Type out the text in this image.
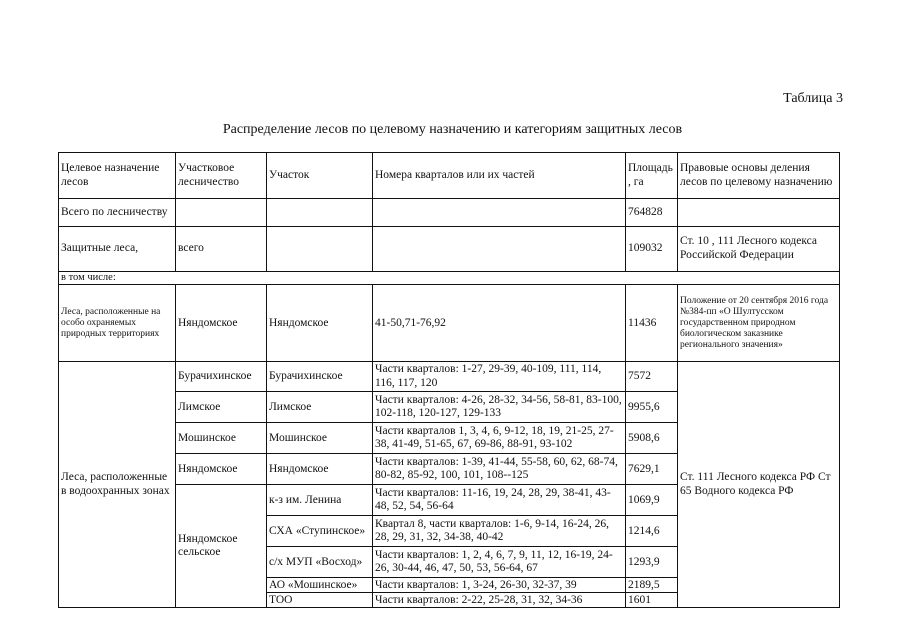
Таблица 3
Распределение лесов по целевому назначению и категориям защитных лесов
Целевое назначение лесов	Участковое лесничество	Участок	Номера кварталов или их частей	Площадь, га	Правовые основы деления лесов по целевому назначению
Всего по лесничеству				764828	
Защитные леса,	всего			109032	Ст. 10 , 111 Лесного кодекса Российской Федерации
в том числе:					
Леса, расположенные на особо охраняемых природных территориях	Няндомское	Няндомское	41-50,71-76,92	11436	Положение от 20 сентября 2016 года №384-пп «О Шултусском государственном природном биологическом заказнике регионального значения»
Леса, расположенные в водоохранных зонах	Бурачихинское	Бурачихинское	Части кварталов: 1-27, 29-39, 40-109, 111, 114, 116, 117, 120	7572	Ст. 111 Лесного кодекса РФ Ст 65 Водного кодекса РФ
	Лимское	Лимское	Части кварталов: 4-26, 28-32, 34-56, 58-81, 83-100, 102-118, 120-127, 129-133	9955,6	
	Мошинское	Мошинское	Части кварталов 1, 3, 4, 6, 9-12, 18, 19, 21-25, 27-38, 41-49, 51-65, 67, 69-86, 88-91, 93-102	5908,6	
	Няндомское	Няндомское	Части кварталов: 1-39, 41-44, 55-58, 60, 62, 68-74, 80-82, 85-92, 100, 101, 108--125	7629,1	
	Няндомское сельское	к-з им. Ленина	Части кварталов: 11-16, 19, 24, 28, 29, 38-41, 43-48, 52, 54, 56-64	1069,9	
		СХА «Ступинское»	Квартал 8, части кварталов: 1-6, 9-14, 16-24, 26, 28, 29, 31, 32, 34-38, 40-42	1214,6	
		с/х МУП «Восход»	Части кварталов: 1, 2, 4, 6, 7, 9, 11, 12, 16-19, 24-26, 30-44, 46, 47, 50, 53, 56-64, 67	1293,9	
		АО «Мошинское»	Части кварталов: 1, 3-24, 26-30, 32-37, 39	2189,5	
		ТОО	Части кварталов: 2-22, 25-28, 31, 32, 34-36	1601	
